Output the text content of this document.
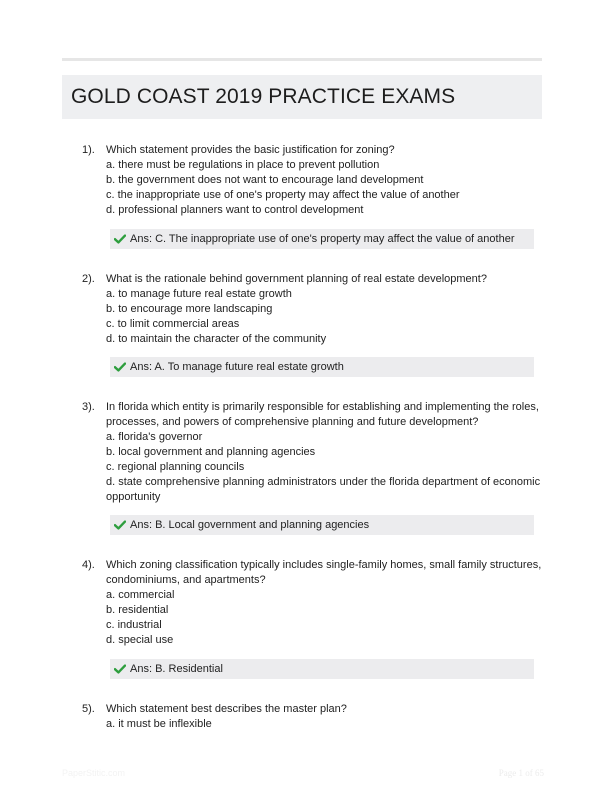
GOLD COAST 2019 PRACTICE EXAMS
1). Which statement provides the basic justification for zoning?
a. there must be regulations in place to prevent pollution
b. the government does not want to encourage land development
c. the inappropriate use of one's property may affect the value of another
d. professional planners want to control development
Ans: C. The inappropriate use of one's property may affect the value of another
2). What is the rationale behind government planning of real estate development?
a. to manage future real estate growth
b. to encourage more landscaping
c. to limit commercial areas
d. to maintain the character of the community
Ans: A. To manage future real estate growth
3). In florida which entity is primarily responsible for establishing and implementing the roles, processes, and powers of comprehensive planning and future development?
a. florida's governor
b. local government and planning agencies
c. regional planning councils
d. state comprehensive planning administrators under the florida department of economic opportunity
Ans: B. Local government and planning agencies
4). Which zoning classification typically includes single-family homes, small family structures, condominiums, and apartments?
a. commercial
b. residential
c. industrial
d. special use
Ans: B. Residential
5). Which statement best describes the master plan?
a. it must be inflexible
PaperStitic.com	Page 1 of 65
